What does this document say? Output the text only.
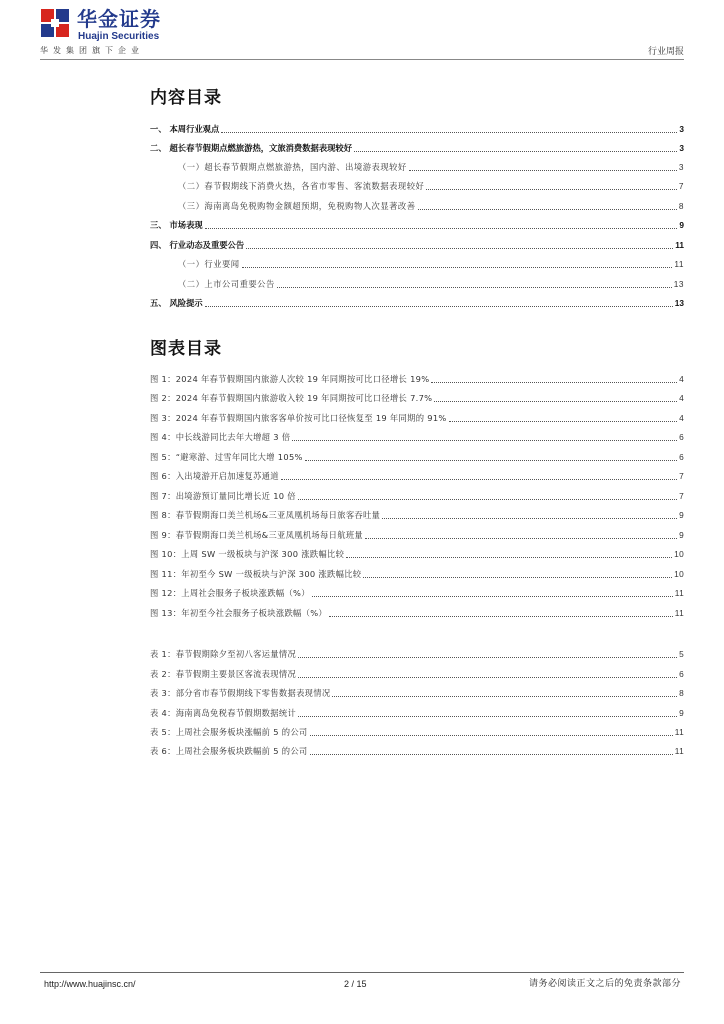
华金证券
Huajin Securities
华发集团旗下企业	行业周报
内容目录
一、 本周行业观点	3
二、 超长春节假期点燃旅游热，文旅消费数据表现较好	3
（一）超长春节假期点燃旅游热，国内游、出境游表现较好	3
（二）春节假期线下消费火热，各省市零售、客流数据表现较好	7
（三）海南离岛免税购物金额超预期，免税购物人次显著改善	8
三、 市场表现	9
四、 行业动态及重要公告	11
（一）行业要闻	11
（二）上市公司重要公告	13
五、 风险提示	13
图表目录
图 1：2024 年春节假期国内旅游人次较 19 年同期按可比口径增长 19%	4
图 2：2024 年春节假期国内旅游收入较 19 年同期按可比口径增长 7.7%	4
图 3：2024 年春节假期国内旅客客单价按可比口径恢复至 19 年同期的 91%	4
图 4：中长线游同比去年大增超 3 倍	6
图 5：“避寒游、过雪年同比大增 105%	6
图 6：入出境游开启加速复苏通道	7
图 7：出境游预订量同比增长近 10 倍	7
图 8：春节假期海口美兰机场&三亚凤凰机场每日旅客吞吐量	9
图 9：春节假期海口美兰机场&三亚凤凰机场每日航班量	9
图 10：上周 SW 一级板块与沪深 300 涨跌幅比较	10
图 11：年初至今 SW 一级板块与沪深 300 涨跌幅比较	10
图 12：上周社会服务子板块涨跌幅（%）	11
图 13：年初至今社会服务子板块涨跌幅（%）	11
表 1：春节假期除夕至初八客运量情况	5
表 2：春节假期主要景区客流表现情况	6
表 3：部分省市春节假期线下零售数据表现情况	8
表 4：海南离岛免税春节假期数据统计	9
表 5：上周社会服务板块涨幅前 5 的公司	11
表 6：上周社会服务板块跌幅前 5 的公司	11
http://www.huajinsc.cn/	2 / 15	请务必阅读正文之后的免责条款部分
